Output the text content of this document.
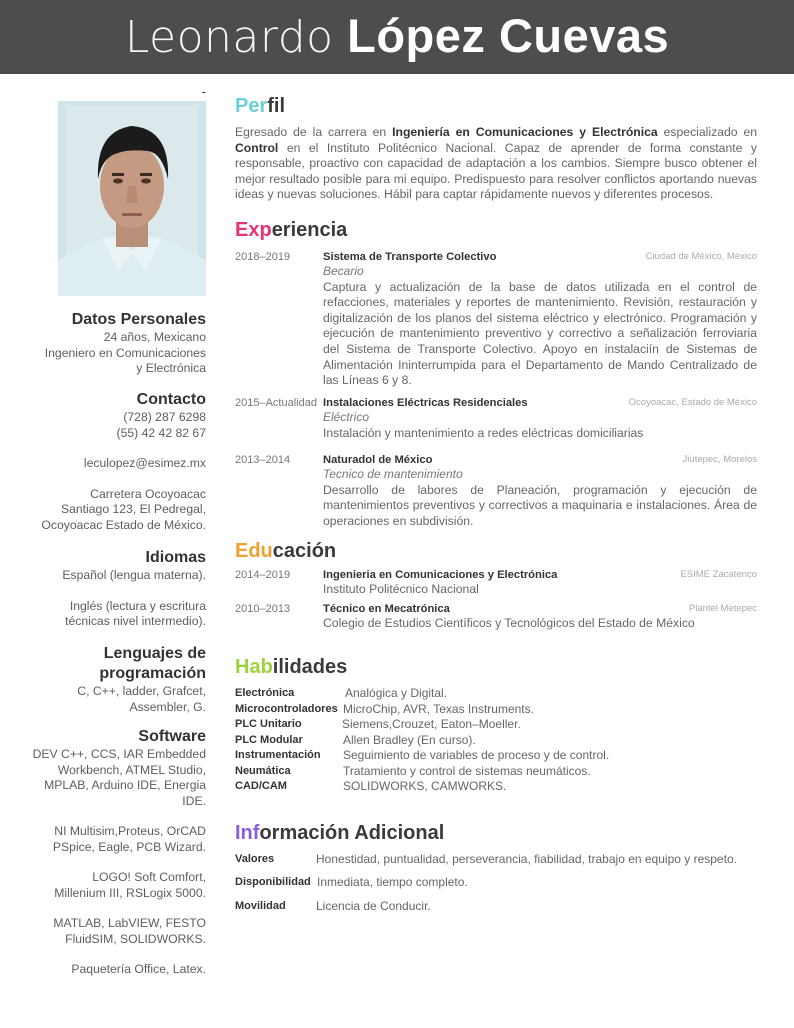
Leonardo López Cuevas
-
Datos Personales
24 años, Mexicano
Ingeniero en Comunicaciones
y Electrónica
Contacto
(728) 287 6298
(55) 42 42 82 67
leculopez@esimez.mx
Carretera Ocoyoacac
Santiago 123, El Pedregal,
Ocoyoacac Estado de México.
Idiomas
Español (lengua materna).
Inglés (lectura y escritura
técnicas nivel intermedio).
Lenguajes de
programación
C, C++, ladder, Grafcet,
Assembler, G.
Software
DEV C++, CCS, IAR Embedded
Workbench, ATMEL Studio,
MPLAB, Arduino IDE, Energia
IDE.
NI Multisim,Proteus, OrCAD
PSpice, Eagle, PCB Wizard.
LOGO! Soft Comfort,
Millenium III, RSLogix 5000.
MATLAB, LabVIEW, FESTO
FluidSIM, SOLIDWORKS.
Paquetería Office, Latex.
Perfil
Egresado de la carrera en Ingeniería en Comunicaciones y Electrónica especializado en Control en el Instituto Politécnico Nacional. Capaz de aprender de forma constante y responsable, proactivo con capacidad de adaptación a los cambios. Siempre busco obtener el mejor resultado posible para mi equipo. Predispuesto para resolver conflictos aportando nuevas ideas y nuevas soluciones. Hábil para captar rápidamente nuevos y diferentes procesos.
Experiencia
2018–2019	Sistema de Transporte Colectivo	Ciudad de México, México
Becario
Captura y actualización de la base de datos utilizada en el control de refacciones, materiales y reportes de mantenimiento. Revisión, restauración y digitalización de los planos del sistema eléctrico y electrónico. Programación y ejecución de mantenimiento preventivo y correctivo a señalización ferroviaria del Sistema de Transporte Colectivo. Apoyo en instalaciín de Sistemas de Alimentación Ininterrumpida para el Departamento de Mando Centralizado de las Líneas 6 y 8.
2015–Actualidad Instalaciones Eléctricas Residenciales	Ocoyoacac, Estado de México
Eléctrico
Instalación y mantenimiento a redes eléctricas domiciliarias
2013–2014	Naturadol de México	Jiutepec, Morelos
Tecnico de mantenimiento
Desarrollo de labores de Planeación, programación y ejecución de mantenimientos preventivos y correctivos a maquinaria e instalaciones. Área de operaciones en subdivisión.
Educación
2014–2019	Ingenieria en Comunicaciones y Electrónica	ESIME Zacatenco
Instituto Politécnico Nacional
2010–2013	Técnico en Mecatrónica	Plantel Metepec
Colegio de Estudios Científicos y Tecnológicos del Estado de México
Habilidades
Electrónica	Analógica y Digital.
Microcontroladores MicroChip, AVR, Texas Instruments.
PLC Unitario	Siemens,Crouzet, Eaton–Moeller.
PLC Modular	Allen Bradley (En curso).
Instrumentación Seguimiento de variables de proceso y de control.
Neumática	Tratamiento y control de sistemas neumáticos.
CAD/CAM	SOLIDWORKS, CAMWORKS.
Información Adicional
Valores	Honestidad, puntualidad, perseverancia, fiabilidad, trabajo en equipo y respeto.
Disponibilidad Inmediata, tiempo completo.
Movilidad	Licencia de Conducir.
